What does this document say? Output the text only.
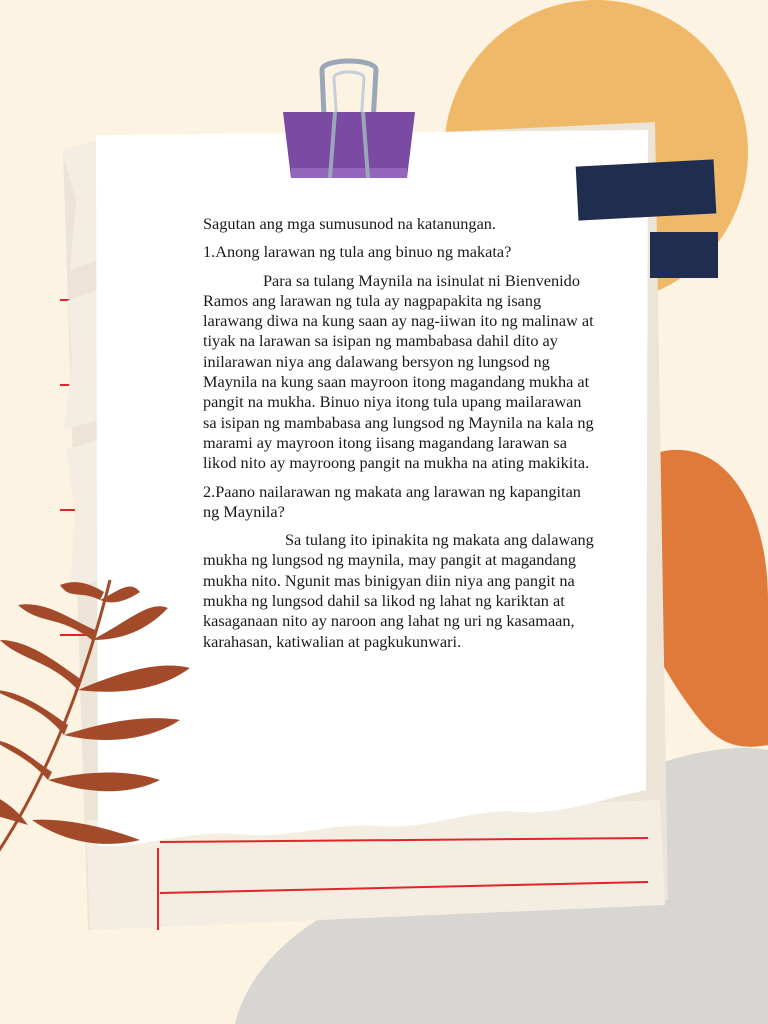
Sagutan ang mga sumusunod na katanungan.

1.Anong larawan ng tula ang binuo ng makata?

Para sa tulang Maynila na isinulat ni Bienvenido Ramos ang larawan ng tula ay nagpapakita ng isang larawang diwa na kung saan ay nag-iiwan ito ng malinaw at tiyak na larawan sa isipan ng mambabasa dahil dito ay inilarawan niya ang dalawang bersyon ng lungsod ng Maynila na kung saan mayroon itong magandang mukha at pangit na mukha. Binuo niya itong tula upang mailarawan sa isipan ng mambabasa ang lungsod ng Maynila na kala ng marami ay mayroon itong iisang magandang larawan sa likod nito ay mayroong pangit na mukha na ating makikita.

2.Paano nailarawan ng makata ang larawan ng kapangitan ng Maynila?

Sa tulang ito ipinakita ng makata ang dalawang mukha ng lungsod ng maynila, may pangit at magandang mukha nito. Ngunit mas binigyan diin niya ang pangit na mukha ng lungsod dahil sa likod ng lahat ng kariktan at kasaganaan nito ay naroon ang lahat ng uri ng kasamaan, karahasan, katiwalian at pagkukunwari.
